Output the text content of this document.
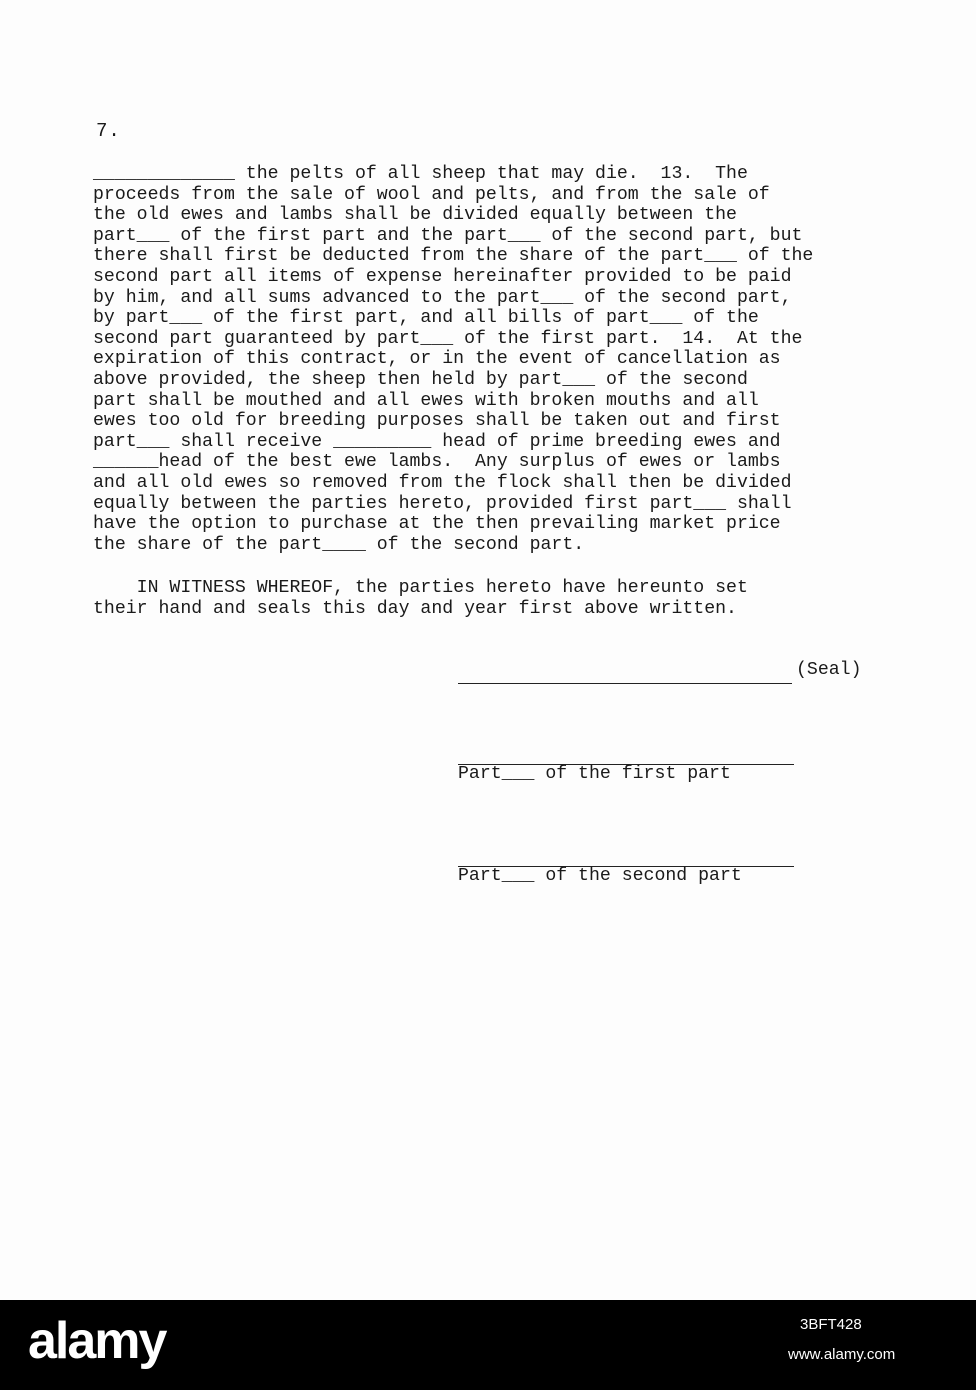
7.
_____________ the pelts of all sheep that may die.  13.  The
proceeds from the sale of wool and pelts, and from the sale of
the old ewes and lambs shall be divided equally between the
part___ of the first part and the part___ of the second part, but
there shall first be deducted from the share of the part___ of the
second part all items of expense hereinafter provided to be paid
by him, and all sums advanced to the part___ of the second part,
by part___ of the first part, and all bills of part___ of the
second part guaranteed by part___ of the first part.  14.  At the
expiration of this contract, or in the event of cancellation as
above provided, the sheep then held by part___ of the second
part shall be mouthed and all ewes with broken mouths and all
ewes too old for breeding purposes shall be taken out and first
part___ shall receive _________ head of prime breeding ewes and
______head of the best ewe lambs.  Any surplus of ewes or lambs
and all old ewes so removed from the flock shall then be divided
equally between the parties hereto, provided first part___ shall
have the option to purchase at the then prevailing market price
the share of the part____ of the second part.
IN WITNESS WHEREOF, the parties hereto have hereunto set
their hand and seals this day and year first above written.
(Seal)
Part___ of the first part
Part___ of the second part
alamy	3BFT428
www.alamy.com
